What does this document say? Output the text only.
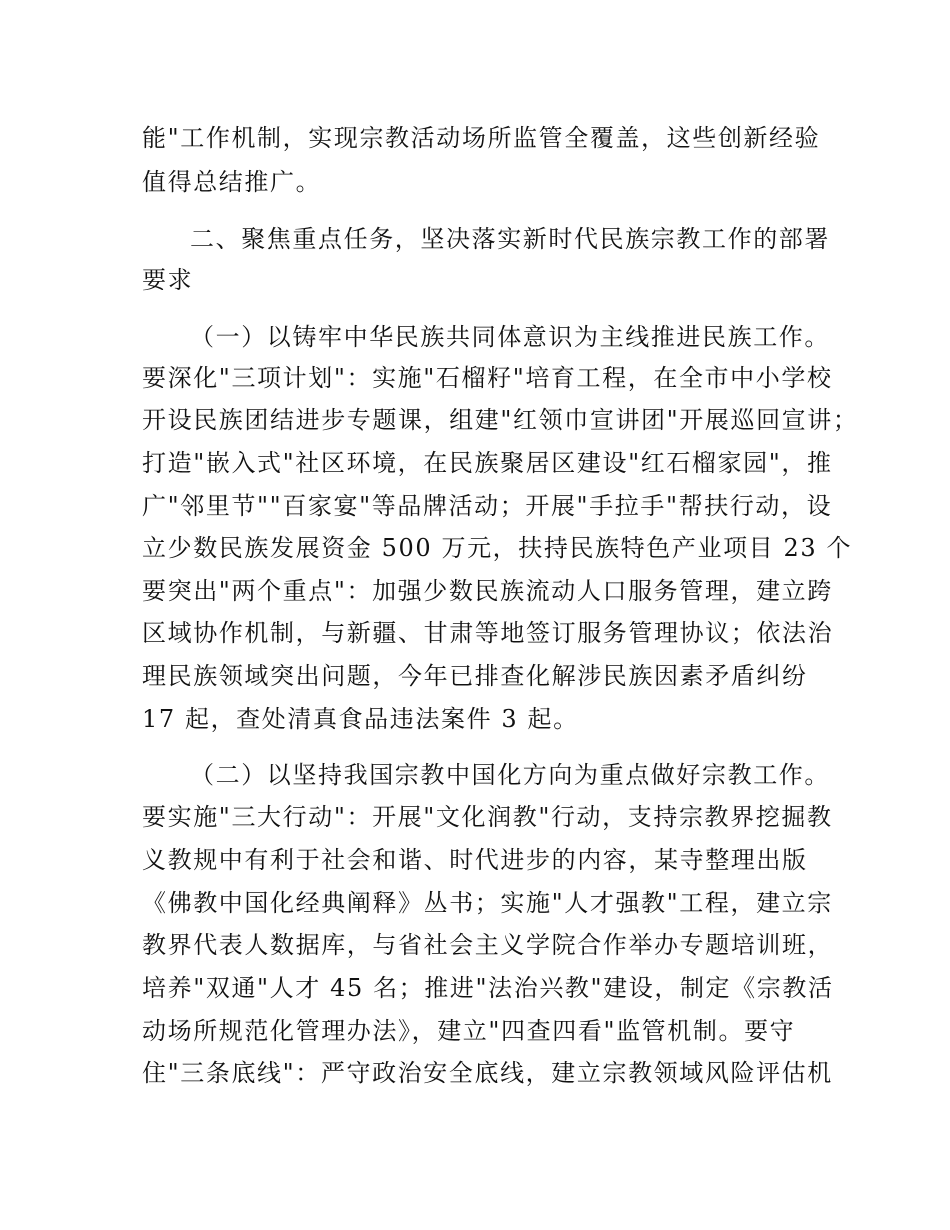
能"工作机制，实现宗教活动场所监管全覆盖，这些创新经验
值得总结推广。
二、聚焦重点任务，坚决落实新时代民族宗教工作的部署
要求
（一）以铸牢中华民族共同体意识为主线推进民族工作。
要深化"三项计划"：实施"石榴籽"培育工程，在全市中小学校
开设民族团结进步专题课，组建"红领巾宣讲团"开展巡回宣讲；
打造"嵌入式"社区环境，在民族聚居区建设"红石榴家园"，推
广"邻里节""百家宴"等品牌活动；开展"手拉手"帮扶行动，设
立少数民族发展资金 500 万元，扶持民族特色产业项目 23 个
要突出"两个重点"：加强少数民族流动人口服务管理，建立跨
区域协作机制，与新疆、甘肃等地签订服务管理协议；依法治
理民族领域突出问题，今年已排查化解涉民族因素矛盾纠纷
17 起，查处清真食品违法案件 3 起。
（二）以坚持我国宗教中国化方向为重点做好宗教工作。
要实施"三大行动"：开展"文化润教"行动，支持宗教界挖掘教
义教规中有利于社会和谐、时代进步的内容，某寺整理出版
《佛教中国化经典阐释》丛书；实施"人才强教"工程，建立宗
教界代表人数据库，与省社会主义学院合作举办专题培训班，
培养"双通"人才 45 名；推进"法治兴教"建设，制定《宗教活
动场所规范化管理办法》，建立"四查四看"监管机制。要守
住"三条底线"：严守政治安全底线，建立宗教领域风险评估机
